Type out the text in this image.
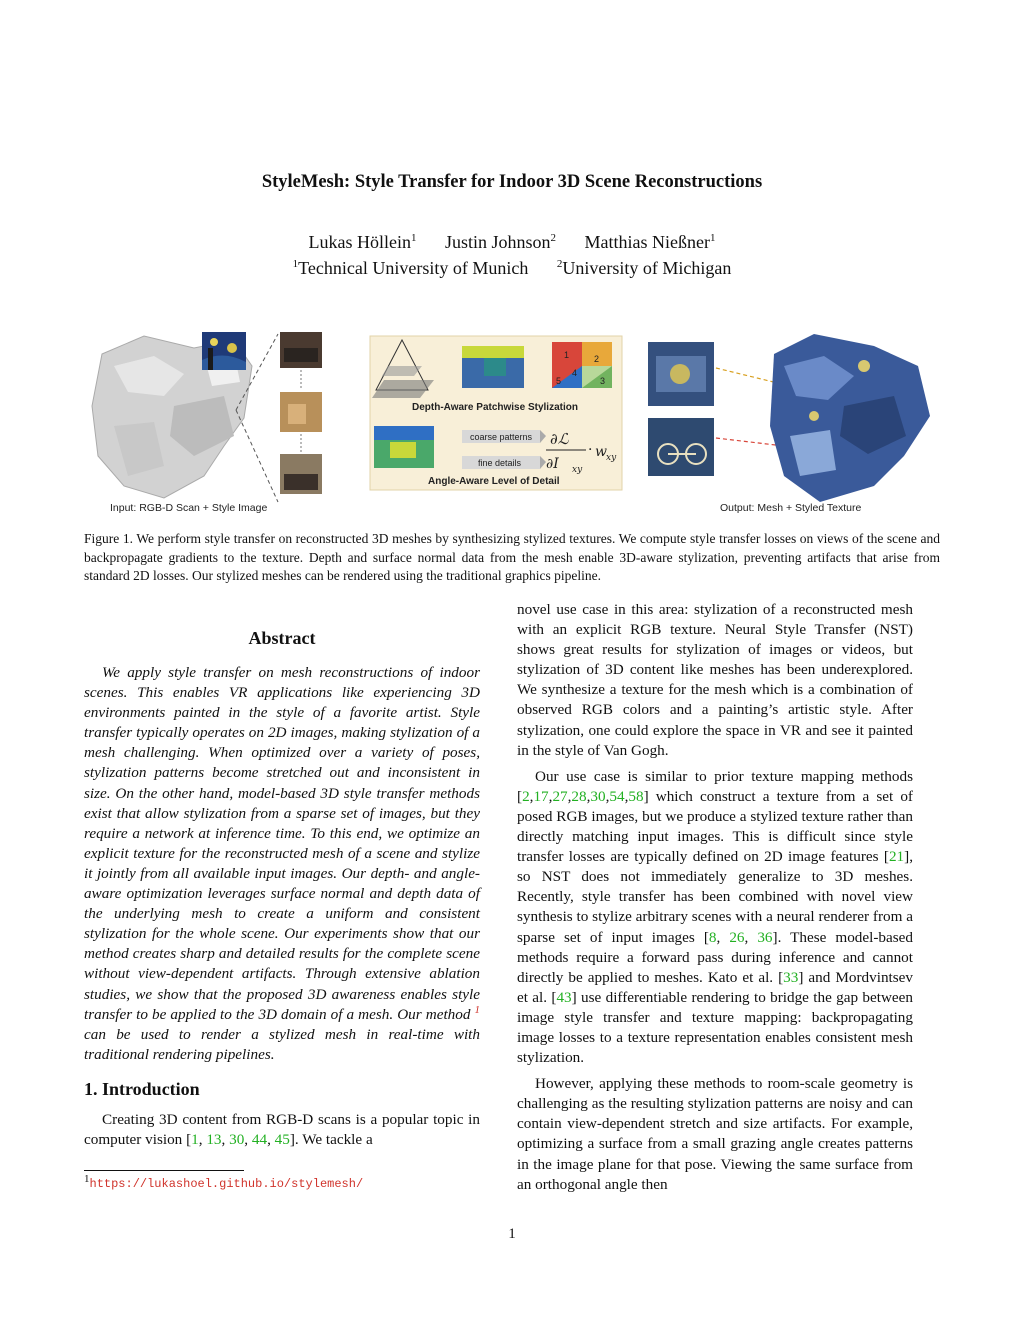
StyleMesh: Style Transfer for Indoor 3D Scene Reconstructions
Lukas Höllein$^1$ Justin Johnson$^2$ Matthias Nießner$^1$
$^1$Technical University of Munich	$^2$University of Michigan
Input: RGB-D Scan + Style Image
1	2
3
4
5
Depth-Aware Patchwise Stylization
coarse patterns
fine details
∂ℒ
∂I xy
· w xy
Angle-Aware Level of Detail
Output: Mesh + Styled Texture

Figure 1. We perform style transfer on reconstructed 3D meshes by synthesizing stylized textures. We compute style transfer losses on views of the scene and backpropagate gradients to the texture. Depth and surface normal data from the mesh enable 3D-aware stylization, preventing artifacts that arise from standard 2D losses. Our stylized meshes can be rendered using the traditional graphics pipeline.

Abstract

We apply style transfer on mesh reconstructions of indoor scenes. This enables VR applications like experiencing 3D environments painted in the style of a favorite artist. Style transfer typically operates on 2D images, making stylization of a mesh challenging. When optimized over a variety of poses, stylization patterns become stretched out and inconsistent in size. On the other hand, model-based 3D style transfer methods exist that allow stylization from a sparse set of images, but they require a network at inference time. To this end, we optimize an explicit texture for the reconstructed mesh of a scene and stylize it jointly from all available input images. Our depth- and angle-aware optimization leverages surface normal and depth data of the underlying mesh to create a uniform and consistent stylization for the whole scene. Our experiments show that our method creates sharp and detailed results for the complete scene without view-dependent artifacts. Through extensive ablation studies, we show that the proposed 3D awareness enables style transfer to be applied to the 3D domain of a mesh. Our method $^1$ can be used to render a stylized mesh in real-time with traditional rendering pipelines.

1. Introduction

Creating 3D content from RGB-D scans is a popular topic in computer vision [1, 13, 30, 44, 45]. We tackle a

novel use case in this area: stylization of a reconstructed mesh with an explicit RGB texture. Neural Style Transfer (NST) shows great results for stylization of images or videos, but stylization of 3D content like meshes has been underexplored. We synthesize a texture for the mesh which is a combination of observed RGB colors and a painting’s artistic style. After stylization, one could explore the space in VR and see it painted in the style of Van Gogh.

Our use case is similar to prior texture mapping methods [2,17,27,28,30,54,58] which construct a texture from a set of posed RGB images, but we produce a stylized texture rather than directly matching input images. This is difficult since style transfer losses are typically defined on 2D image features [21], so NST does not immediately generalize to 3D meshes. Recently, style transfer has been combined with novel view synthesis to stylize arbitrary scenes with a neural renderer from a sparse set of input images [8, 26, 36]. These model-based methods require a forward pass during inference and cannot directly be applied to meshes. Kato et al. [33] and Mordvintsev et al. [43] use differentiable rendering to bridge the gap between image style transfer and texture mapping: backpropagating image losses to a texture representation enables consistent mesh stylization.

However, applying these methods to room-scale geometry is challenging as the resulting stylization patterns are noisy and can contain view-dependent stretch and size artifacts. For example, optimizing a surface from a small grazing angle creates patterns in the image plane for that pose. Viewing the same surface from an orthogonal angle then

$^1$https://lukashoel.github.io/stylemesh/
1
